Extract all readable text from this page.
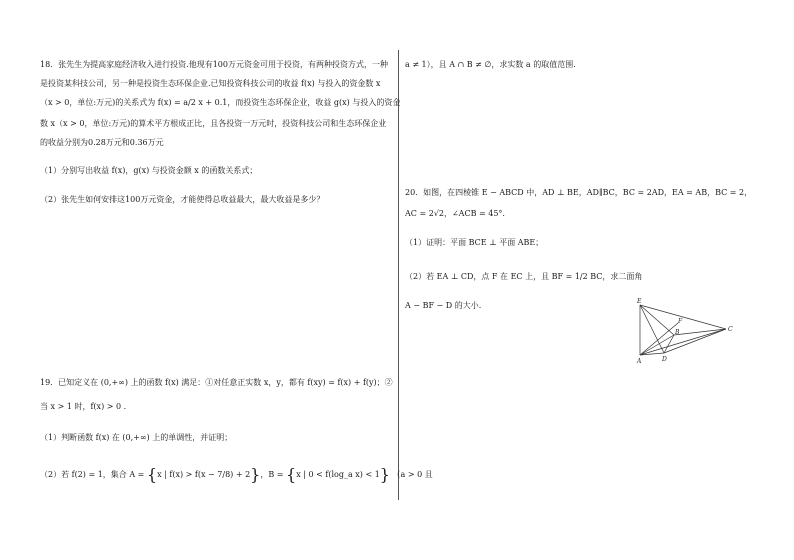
18．张先生为提高家庭经济收入进行投资.他现有100万元资金可用于投资，有两种投资方式，一种
是投资某科技公司，另一种是投资生态环保企业.已知投资科技公司的收益 f(x) 与投入的资金数 x
（x > 0，单位:万元)的关系式为 f(x) = a/2 x + 0.1，而投资生态环保企业，收益 g(x) 与投入的资金
数 x（x > 0，单位:万元)的算术平方根成正比，且各投资一万元时，投资科技公司和生态环保企业
的收益分别为0.28万元和0.36万元
（1）分别写出收益 f(x)，g(x) 与投资金额 x 的函数关系式；
（2）张先生如何安排这100万元资金，才能使得总收益最大，最大收益是多少？
19．已知定义在 (0,+∞) 上的函数 f(x) 满足：①对任意正实数 x，y，都有 f(xy) = f(x) + f(y)；②
当 x > 1 时，f(x) > 0 .
（1）判断函数 f(x) 在 (0,+∞) 上的单调性，并证明；
（2）若 f(2) = 1，集合 A = {x | f(x) > f(x − 7/8) + 2}，B = {x | 0 < f(log_a x) < 1} （a > 0 且
a ≠ 1），且 A ∩ B ≠ ∅，求实数 a 的取值范围.
20．如图，在四棱锥 E − ABCD 中，AD ⊥ BE，AD∥BC，BC = 2AD，EA = AB，BC = 2，
AC = 2√2，∠ACB = 45°.
（1）证明：平面 BCE ⊥ 平面 ABE；
（2）若 EA ⊥ CD，点 F 在 EC 上，且 BF = 1/2 BC，求二面角
A − BF − D 的大小.	E
B	C
A	D
F
